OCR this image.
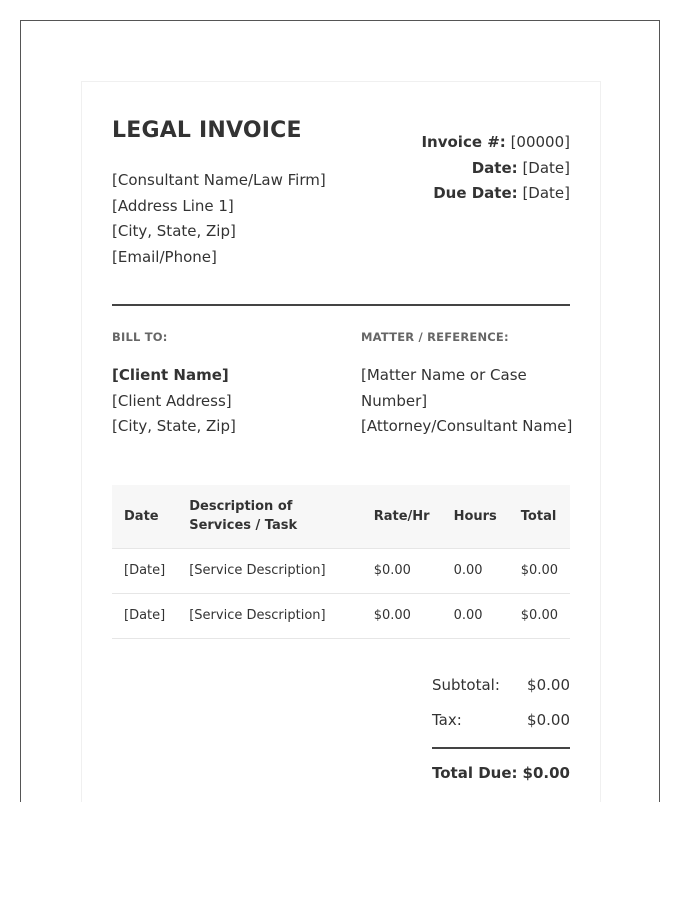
LEGAL INVOICE
[Consultant Name/Law Firm]
[Address Line 1]
[City, State, Zip]
[Email/Phone]
Invoice #: [00000]
Date: [Date]
Due Date: [Date]
BILL TO:	MATTER / REFERENCE:
[Client Name]
[Client Address]
[City, State, Zip]
[Matter Name or Case Number]
[Attorney/Consultant Name]
Date	Description of Services / Task	Rate/Hr	Hours	Total
[Date]	[Service Description]	$0.00	0.00	$0.00
[Date]	[Service Description]	$0.00	0.00	$0.00
Subtotal: $0.00
Tax:	$0.00
Total Due: $0.00
